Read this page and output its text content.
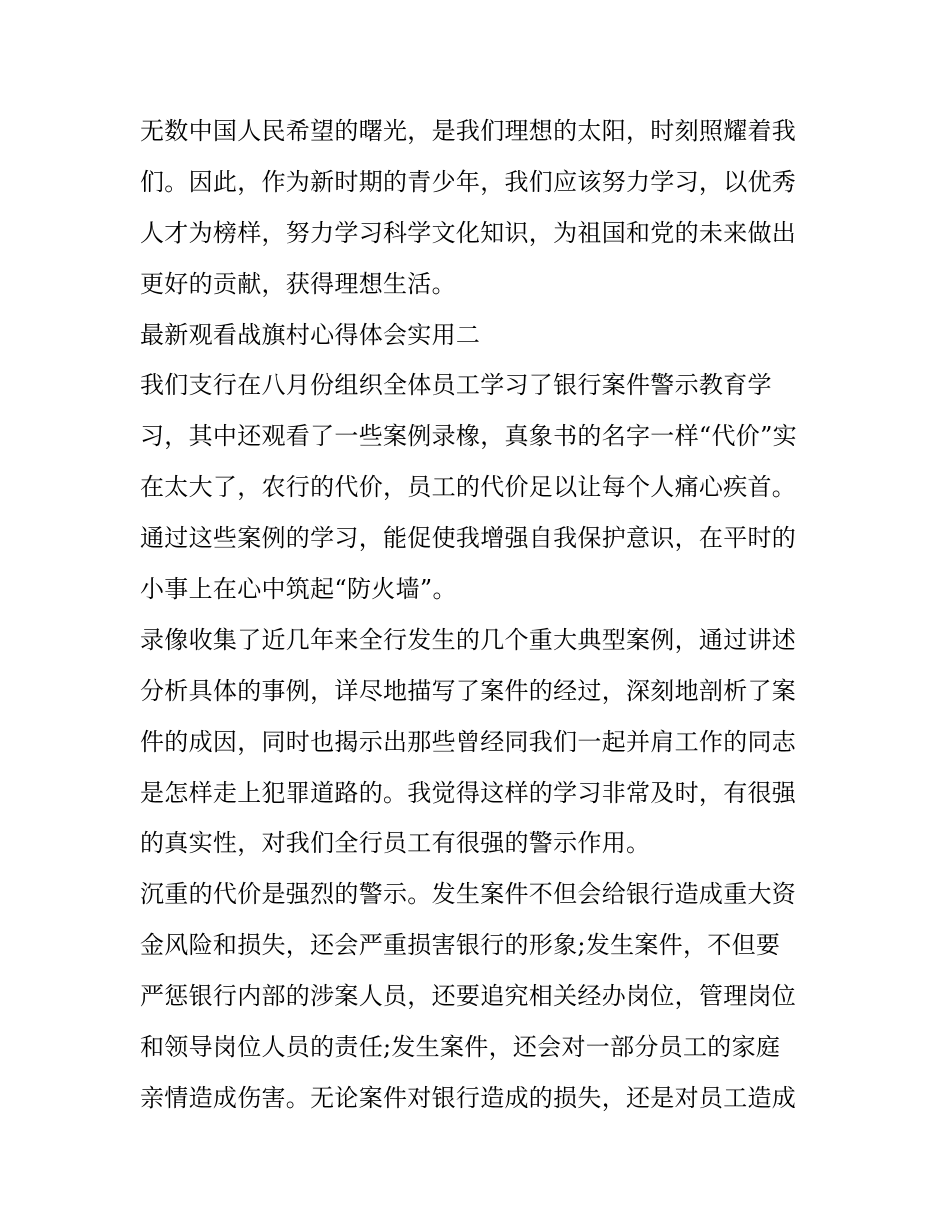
无数中国人民希望的曙光，是我们理想的太阳，时刻照耀着我
们。因此，作为新时期的青少年，我们应该努力学习，以优秀
人才为榜样，努力学习科学文化知识，为祖国和党的未来做出
更好的贡献，获得理想生活。
最新观看战旗村心得体会实用二
我们支行在八月份组织全体员工学习了银行案件警示教育学
习，其中还观看了一些案例录橡，真象书的名字一样“代价”实
在太大了，农行的代价，员工的代价足以让每个人痛心疾首。
通过这些案例的学习，能促使我增强自我保护意识，在平时的
小事上在心中筑起“防火墙”。
录像收集了近几年来全行发生的几个重大典型案例，通过讲述
分析具体的事例，详尽地描写了案件的经过，深刻地剖析了案
件的成因，同时也揭示出那些曾经同我们一起并肩工作的同志
是怎样走上犯罪道路的。我觉得这样的学习非常及时，有很强
的真实性，对我们全行员工有很强的警示作用。
沉重的代价是强烈的警示。发生案件不但会给银行造成重大资
金风险和损失，还会严重损害银行的形象;发生案件，不但要
严惩银行内部的涉案人员，还要追究相关经办岗位，管理岗位
和领导岗位人员的责任;发生案件，还会对一部分员工的家庭
亲情造成伤害。无论案件对银行造成的损失，还是对员工造成
